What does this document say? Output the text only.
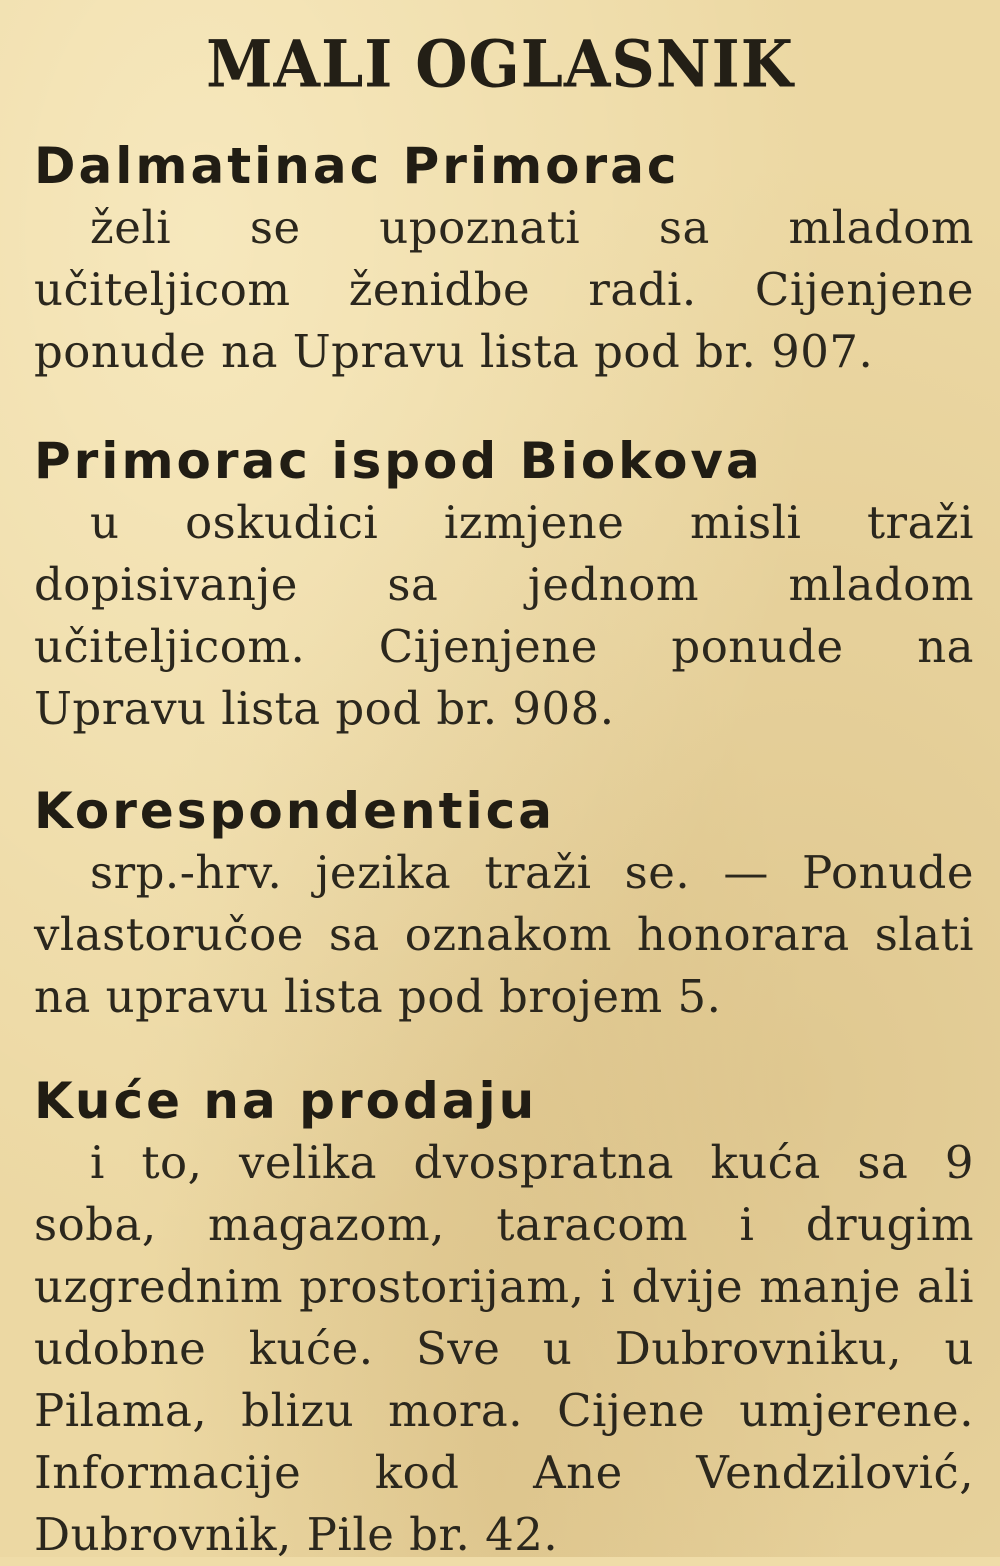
MALI OGLASNIK
Dalmatinac Primorac
želi se upoznati sa mladom učiteljicom ženidbe radi. Cijenjene ponude na Upravu lista pod br. 907.
Primorac ispod Biokova
u oskudici izmjene misli traži dopisivanje sa jednom mladom učiteljicom. Cijenjene ponude na Upravu lista pod br. 908.
Korespondentica
srp.-hrv. jezika traži se. — Ponude vlastoručoe sa oznakom honorara slati na upravu lista pod brojem 5.
Kuće na prodaju
i to, velika dvospratna kuća sa 9 soba, magazom, taracom i drugim uzgrednim prostorijam, i dvije manje ali udobne kuće. Sve u Dubrovniku, u Pilama, blizu mora. Cijene umjerene. Informacije kod Ane Vendzilović, Dubrovnik, Pile br. 42.
